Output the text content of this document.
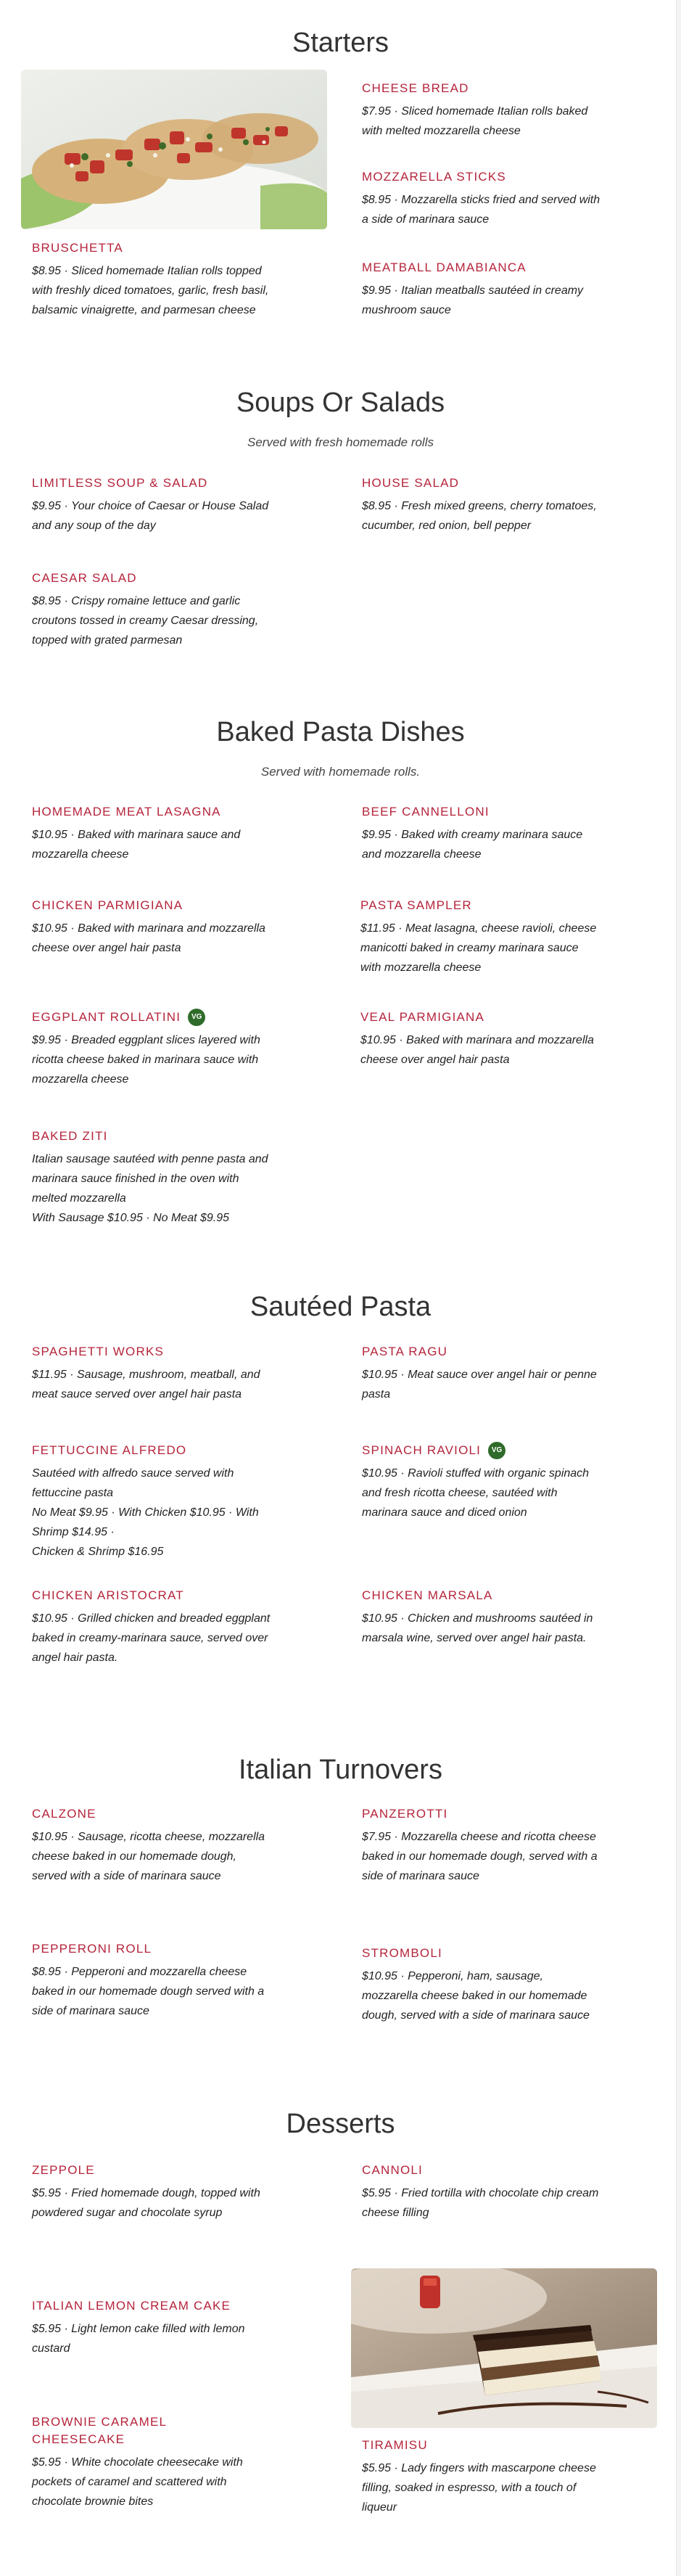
Starters
BRUSCHETTA
$8.95 · Sliced homemade Italian rolls topped with freshly diced tomatoes, garlic, fresh basil, balsamic vinaigrette, and parmesan cheese
CHEESE BREAD
$7.95 · Sliced homemade Italian rolls baked with melted mozzarella cheese
MOZZARELLA STICKS
$8.95 · Mozzarella sticks fried and served with a side of marinara sauce
MEATBALL DAMABIANCA
$9.95 · Italian meatballs sautéed in creamy mushroom sauce
Soups Or Salads
Served with fresh homemade rolls
LIMITLESS SOUP & SALAD
$9.95 · Your choice of Caesar or House Salad and any soup of the day
HOUSE SALAD
$8.95 · Fresh mixed greens, cherry tomatoes, cucumber, red onion, bell pepper
CAESAR SALAD
$8.95 · Crispy romaine lettuce and garlic croutons tossed in creamy Caesar dressing, topped with grated parmesan
Baked Pasta Dishes
Served with homemade rolls.
HOMEMADE MEAT LASAGNA
$10.95 · Baked with marinara sauce and mozzarella cheese
BEEF CANNELLONI
$9.95 · Baked with creamy marinara sauce and mozzarella cheese
CHICKEN PARMIGIANA
$10.95 · Baked with marinara and mozzarella cheese over angel hair pasta
PASTA SAMPLER
$11.95 · Meat lasagna, cheese ravioli, cheese manicotti baked in creamy marinara sauce with mozzarella cheese
EGGPLANT ROLLATINI	VG
$9.95 · Breaded eggplant slices layered with ricotta cheese baked in marinara sauce with mozzarella cheese
VEAL PARMIGIANA
$10.95 · Baked with marinara and mozzarella cheese over angel hair pasta
BAKED ZITI
Italian sausage sautéed with penne pasta and marinara sauce finished in the oven with melted mozzarella
With Sausage $10.95 · No Meat $9.95
Sautéed Pasta
SPAGHETTI WORKS
$11.95 · Sausage, mushroom, meatball, and meat sauce served over angel hair pasta
PASTA RAGU
$10.95 · Meat sauce over angel hair or penne pasta
FETTUCCINE ALFREDO
Sautéed with alfredo sauce served with fettuccine pasta
No Meat $9.95 · With Chicken $10.95 · With Shrimp $14.95 ·
Chicken & Shrimp $16.95
SPINACH RAVIOLI	VG
$10.95 · Ravioli stuffed with organic spinach and fresh ricotta cheese, sautéed with marinara sauce and diced onion
CHICKEN ARISTOCRAT
$10.95 · Grilled chicken and breaded eggplant baked in creamy-marinara sauce, served over angel hair pasta.
CHICKEN MARSALA
$10.95 · Chicken and mushrooms sautéed in marsala wine, served over angel hair pasta.
Italian Turnovers
CALZONE
$10.95 · Sausage, ricotta cheese, mozzarella cheese baked in our homemade dough, served with a side of marinara sauce
PANZEROTTI
$7.95 · Mozzarella cheese and ricotta cheese baked in our homemade dough, served with a side of marinara sauce
PEPPERONI ROLL
$8.95 · Pepperoni and mozzarella cheese baked in our homemade dough served with a side of marinara sauce
STROMBOLI
$10.95 · Pepperoni, ham, sausage, mozzarella cheese baked in our homemade dough, served with a side of marinara sauce
Desserts
ZEPPOLE
$5.95 · Fried homemade dough, topped with powdered sugar and chocolate syrup
CANNOLI
$5.95 · Fried tortilla with chocolate chip cream cheese filling
ITALIAN LEMON CREAM CAKE
$5.95 · Light lemon cake filled with lemon custard
BROWNIE CARAMEL CHEESECAKE
$5.95 · White chocolate cheesecake with pockets of caramel and scattered with chocolate brownie bites
TIRAMISU
$5.95 · Lady fingers with mascarpone cheese filling, soaked in espresso, with a touch of liqueur
